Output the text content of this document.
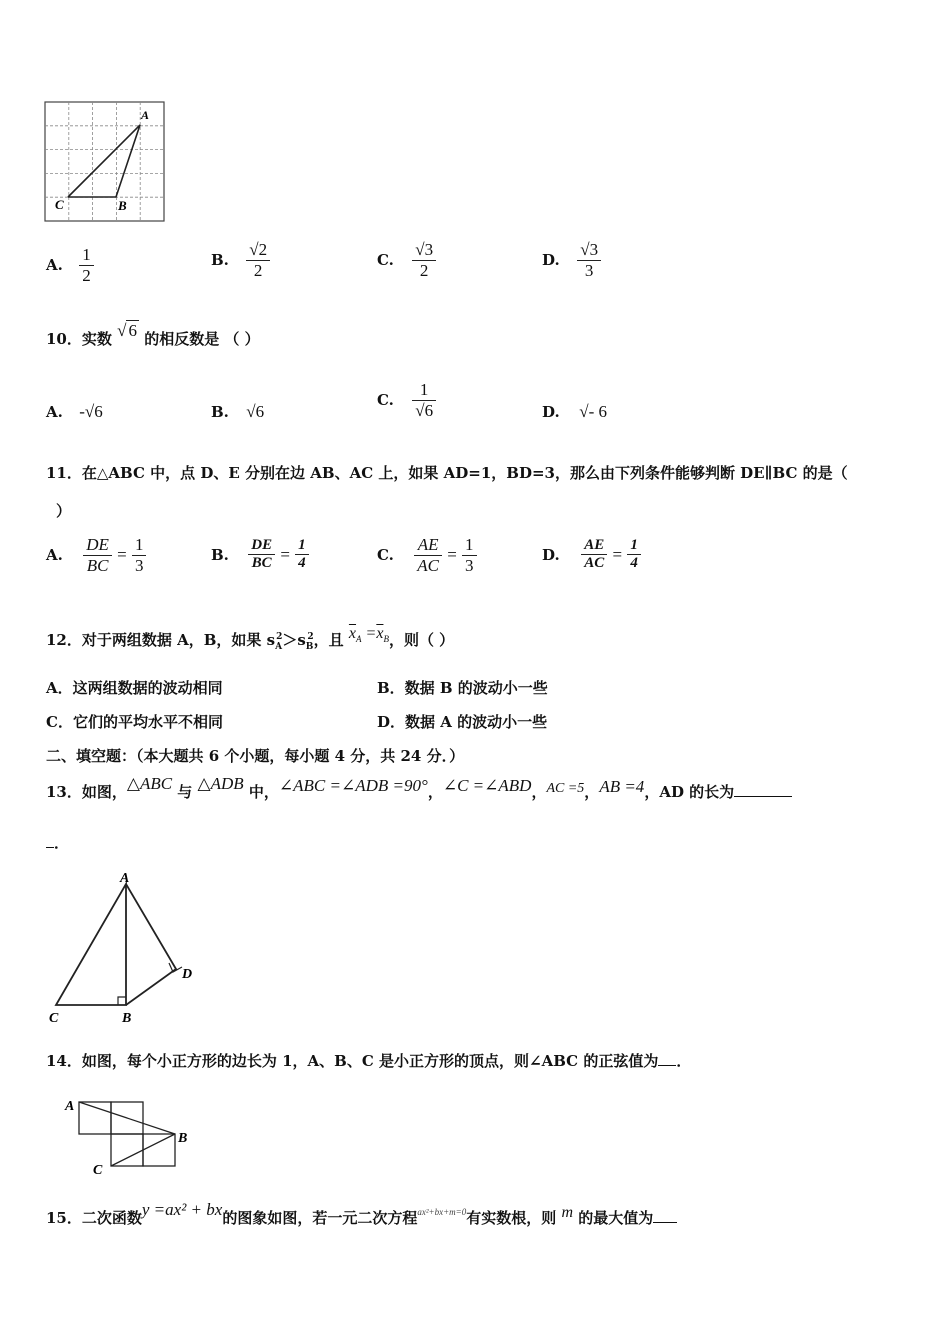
A
C	B
A. $\frac{1}{2}$	B. $\frac{√2}{2}$	C. $\frac{√3}{2}$	D. $\frac{√3}{3}$
10．实数 √ 6 的相反数是 （ ）
A. -√6	B. √6
C. $\frac{1}{√6}$	D. √- 6
11．在△ABC 中，点 D、E 分别在边 AB、AC 上，如果 AD=1，BD=3，那么由下列条件能够判断 DE∥BC 的是（
）
A. $\frac{DE}{BC} = \frac{1}{3}$	B. $\frac{DE}{BC} = \frac{1}{4}$	C. $\frac{AE}{AC} = \frac{1}{3}$	D. $\frac{AE}{AC} = \frac{1}{4}$
12．对于两组数据 A，B，如果 $s_A^2>s_B^2$，且 $\overline{x}_A =\overline{x}_B$，则（ ）
A．这两组数据的波动相同	B．数据 B 的波动小一些
C．它们的平均水平不相同	D．数据 A 的波动小一些
二、填空题：（本大题共 6 个小题，每小题 4 分，共 24 分．）
13．如图，△ABC 与 △ADB 中，∠ABC =∠ADB =90°，∠C =∠ABD，AC =5，AB =4，AD 的长为
．
A
C	B
D
14．如图，每个小正方形的边长为 1，A、B、C 是小正方形的顶点，则∠ABC 的正弦值为 ．
A
B
C
15．二次函数y =ax² + bx的图象如图，若一元二次方程$^{ax^2+bx+m=0}$有实数根，则 m 的最大值为
